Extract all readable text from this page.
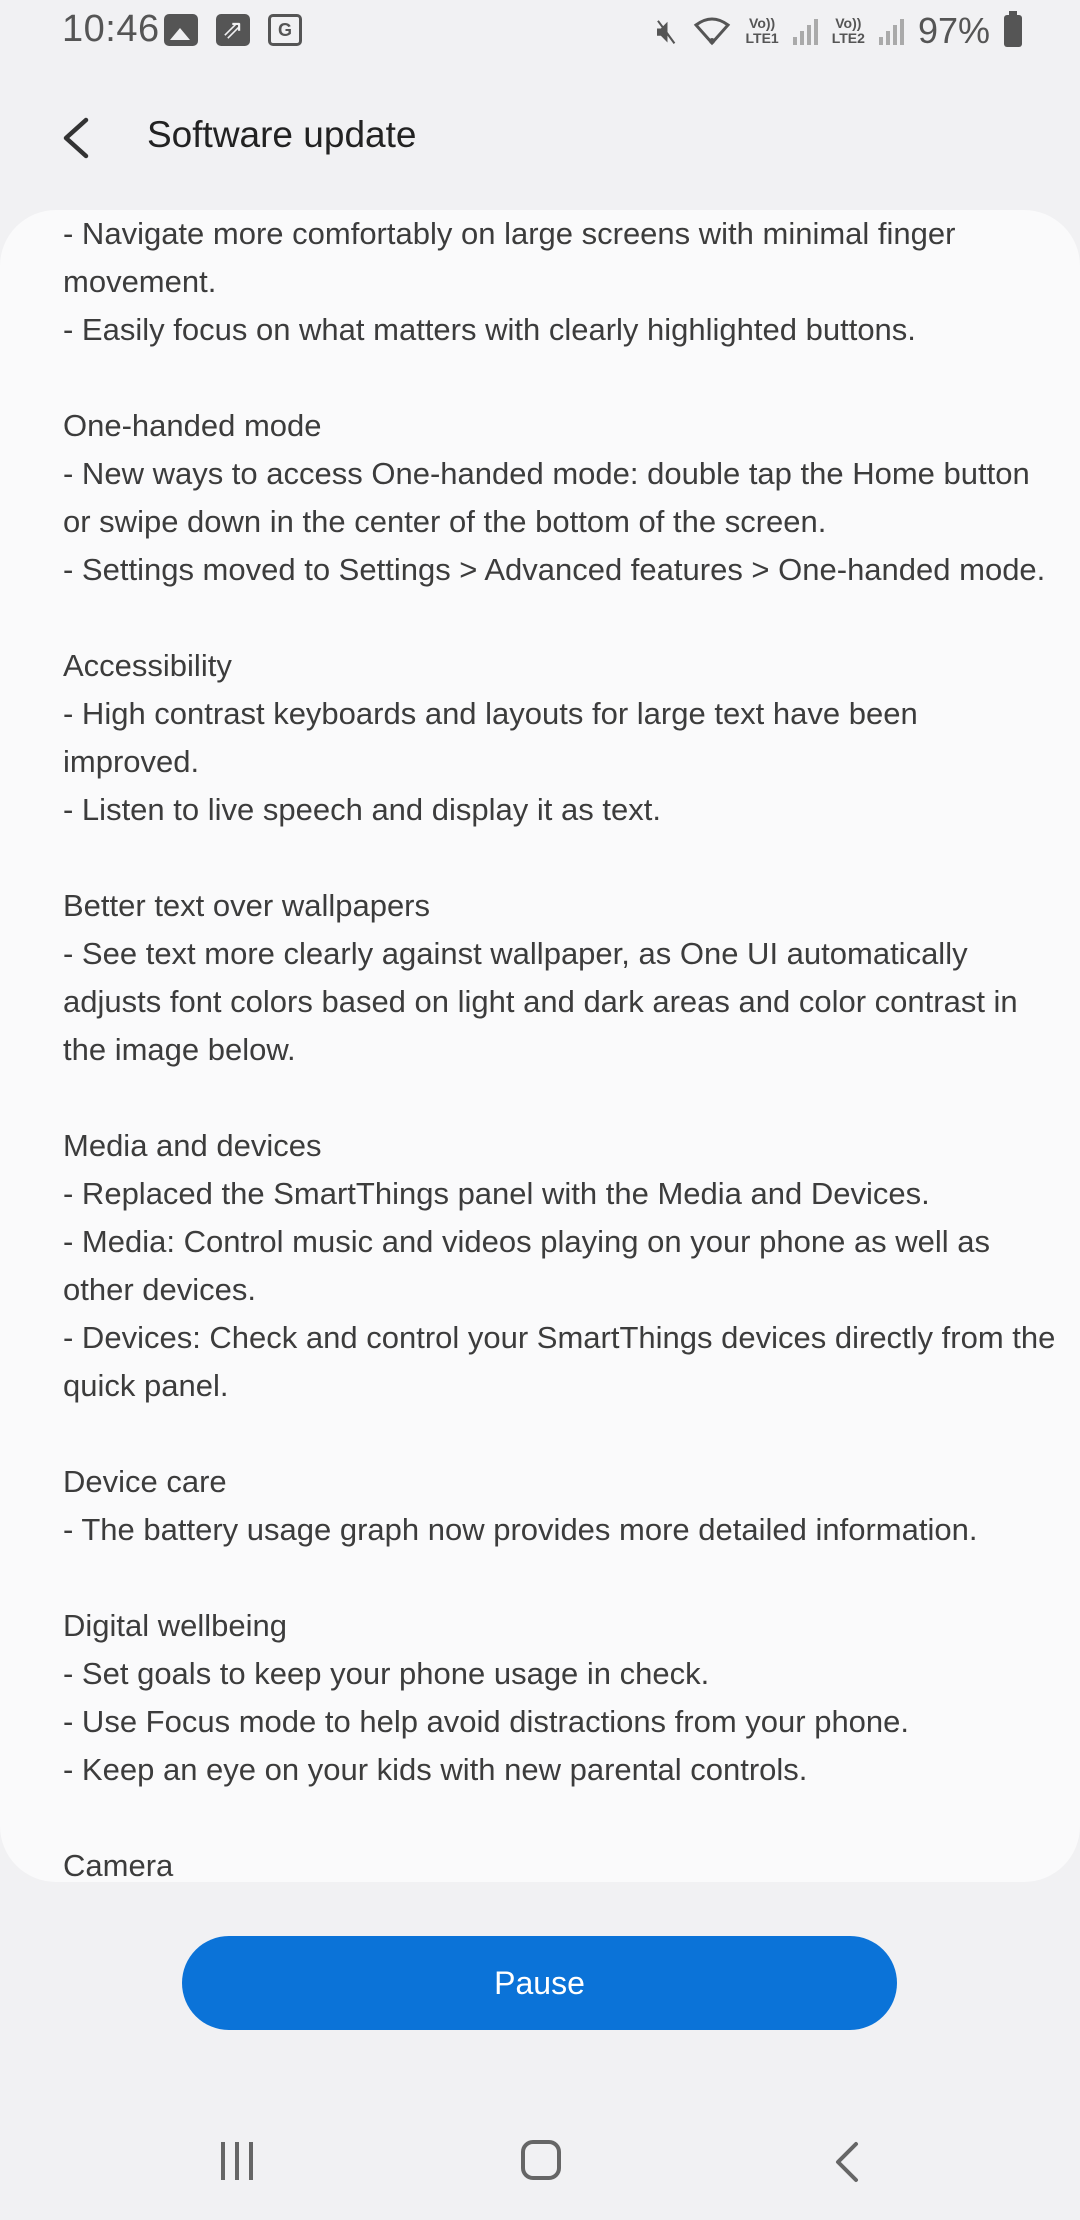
10:46
⇗	G	🔇︎	Vo))
LTE1
Vo))
LTE2 97%
Software update
- Navigate more comfortably on large screens with minimal finger
movement.
- Easily focus on what matters with clearly highlighted buttons.
One-handed mode
- New ways to access One-handed mode: double tap the Home button
or swipe down in the center of the bottom of the screen.
- Settings moved to Settings > Advanced features > One-handed mode.
Accessibility
- High contrast keyboards and layouts for large text have been
improved.
- Listen to live speech and display it as text.
Better text over wallpapers
- See text more clearly against wallpaper, as One UI automatically
adjusts font colors based on light and dark areas and color contrast in
the image below.
Media and devices
- Replaced the SmartThings panel with the Media and Devices.
- Media: Control music and videos playing on your phone as well as
other devices.
- Devices: Check and control your SmartThings devices directly from the
quick panel.
Device care
- The battery usage graph now provides more detailed information.
Digital wellbeing
- Set goals to keep your phone usage in check.
- Use Focus mode to help avoid distractions from your phone.
- Keep an eye on your kids with new parental controls.
Camera
Pause
